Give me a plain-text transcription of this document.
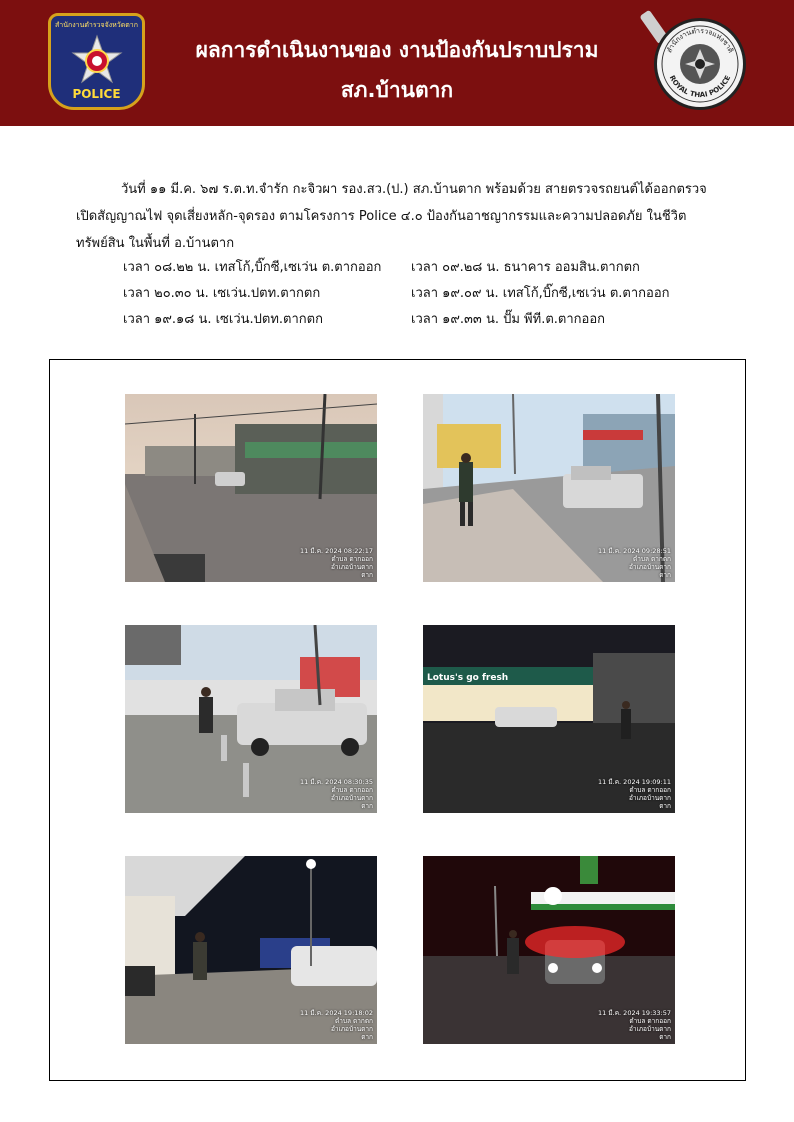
สำนักงานตำรวจจังหวัดตาก
POLICE
ผลการดำเนินงานของ งานป้องกันปราบปราม
สภ.บ้านตาก
สำนักงานตำรวจแห่งชาติ
ROYAL THAI POLICE
วันที่ ๑๑ มี.ค. ๖๗ ร.ต.ท.จำรัก กะจิวผา รอง.สว.(ป.) สภ.บ้านตาก พร้อมด้วย สายตรวจรถยนต์ได้ออกตรวจ
เปิดสัญญาณไฟ จุดเสี่ยงหลัก-จุดรอง ตามโครงการ Police ๔.๐ ป้องกันอาชญากรรมและความปลอดภัย ในชีวิต
ทรัพย์สิน ในพื้นที่ อ.บ้านตาก
เวลา ๐๘.๒๒ น. เทสโก้,บิ๊กซี,เซเว่น ต.ตากออก เวลา ๐๙.๒๘ น. ธนาคาร ออมสิน.ตากตก
เวลา ๒๐.๓๐ น. เซเว่น.ปตท.ตากตก	เวลา ๑๙.๐๙ น. เทสโก้,บิ๊กซี,เซเว่น ต.ตากออก
เวลา ๑๙.๑๘ น. เซเว่น.ปตท.ตากตก	เวลา ๑๙.๓๓ น. ปั๊ม พีที.ต.ตากออก
11 มี.ค. 2024 08:22:17
ตำบล ตากออก
อำเภอบ้านตาก
ตาก
11 มี.ค. 2024 09:28:51
ตำบล ตากตก
อำเภอบ้านตาก
ตาก
11 มี.ค. 2024 08:30:35
ตำบล ตากออก
อำเภอบ้านตาก
ตาก
Lotus's go fresh
11 มี.ค. 2024 19:09:11
ตำบล ตากออก
อำเภอบ้านตาก
ตาก
11 มี.ค. 2024 19:18:02
ตำบล ตากตก
อำเภอบ้านตาก
ตาก
11 มี.ค. 2024 19:33:57
ตำบล ตากออก
อำเภอบ้านตาก
ตาก
